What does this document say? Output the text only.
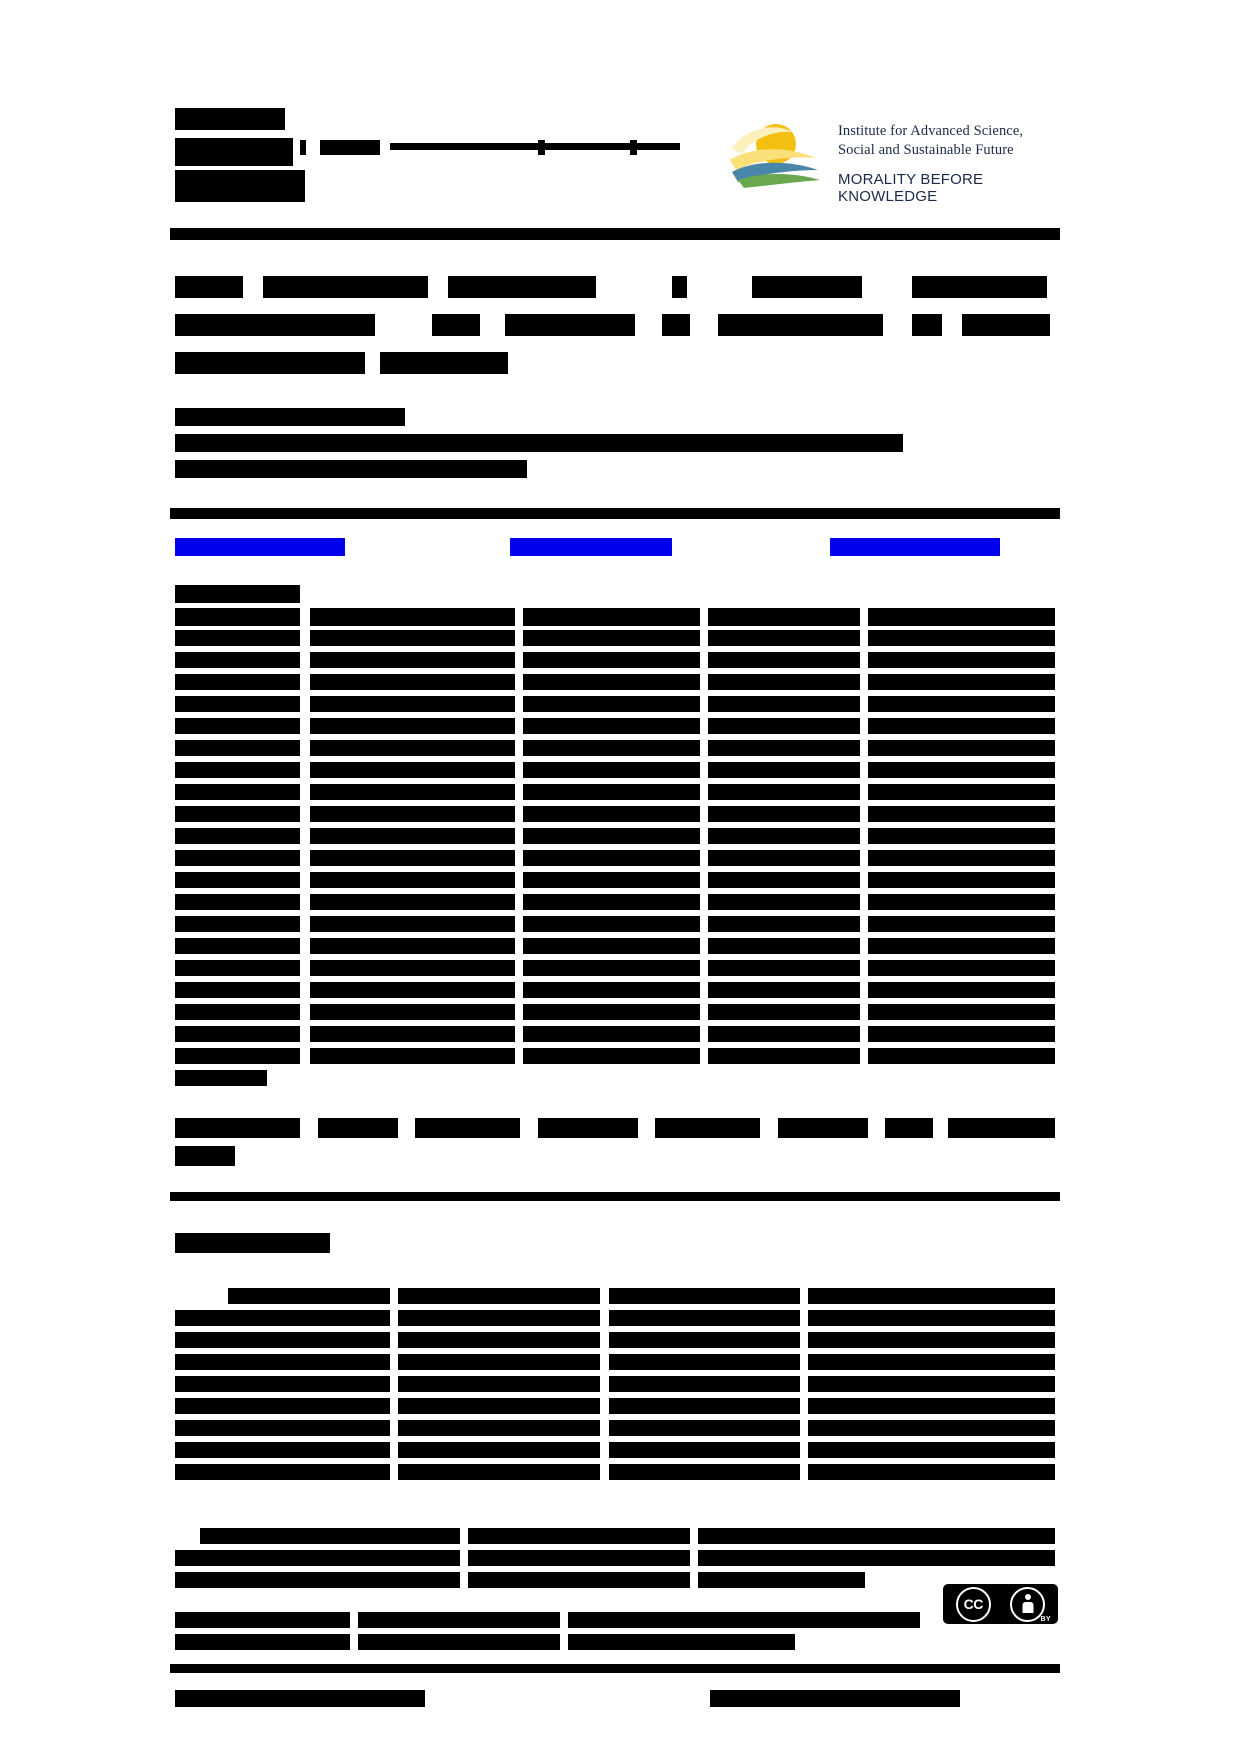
Institute for Advanced Science,
Social and Sustainable Future
MORALITY BEFORE KNOWLEDGE
CC
BY
